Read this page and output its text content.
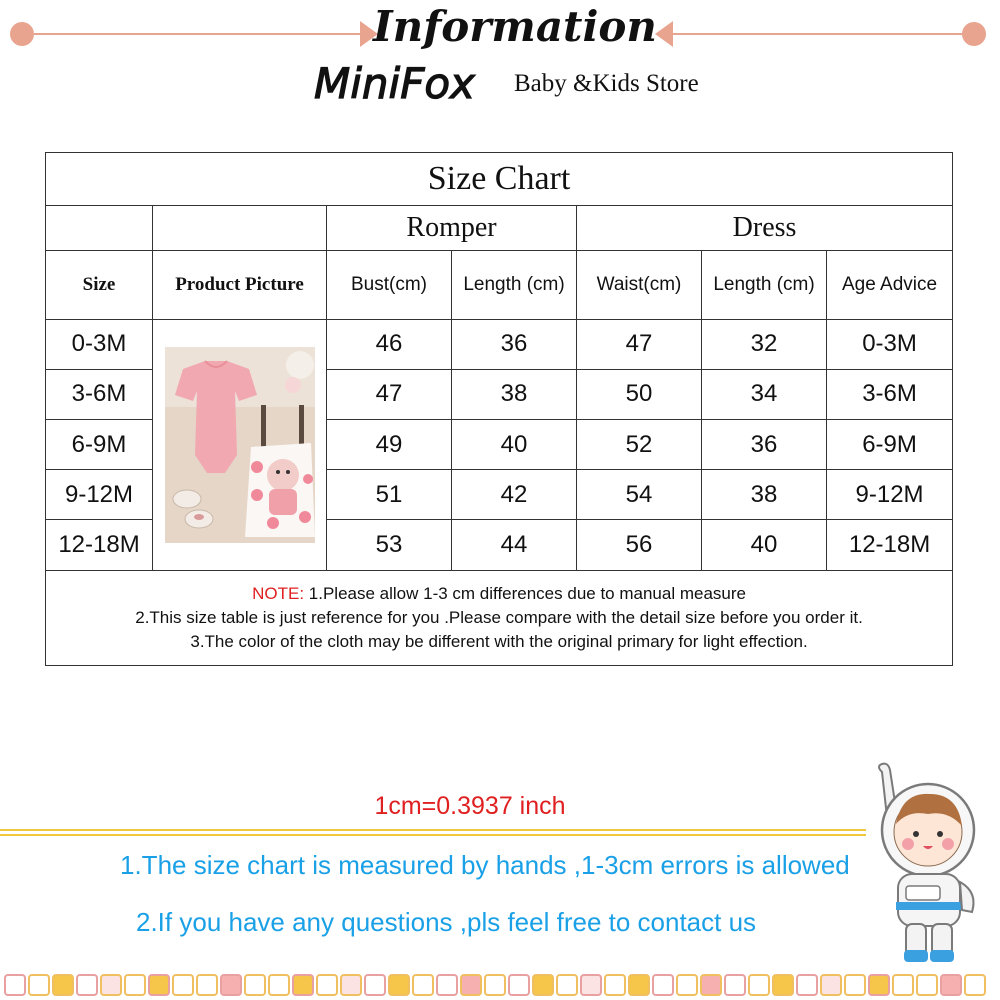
Information
MiniFox Baby &Kids Store
Size Chart						
		Romper		Dress		
Size	Product Picture	Bust(cm)	Length (cm)	Waist(cm)	Length (cm)	Age Advice
0-3M		46	36	47	32	0-3M
3-6M		47	38	50	34	3-6M
6-9M		49	40	52	36	6-9M
9-12M		51	42	54	38	9-12M
12-18M		53	44	56	40	12-18M

NOTE: 1.Please allow 1-3 cm differences due to manual measure
2.This size table is just reference for you .Please compare with the detail size before you order it.
3.The color of the cloth may be different with the original primary for light effection.						
1cm=0.3937 inch
1.The size chart is measured by hands ,1-3cm errors is allowed
2.If you have any questions ,pls feel free to contact us
